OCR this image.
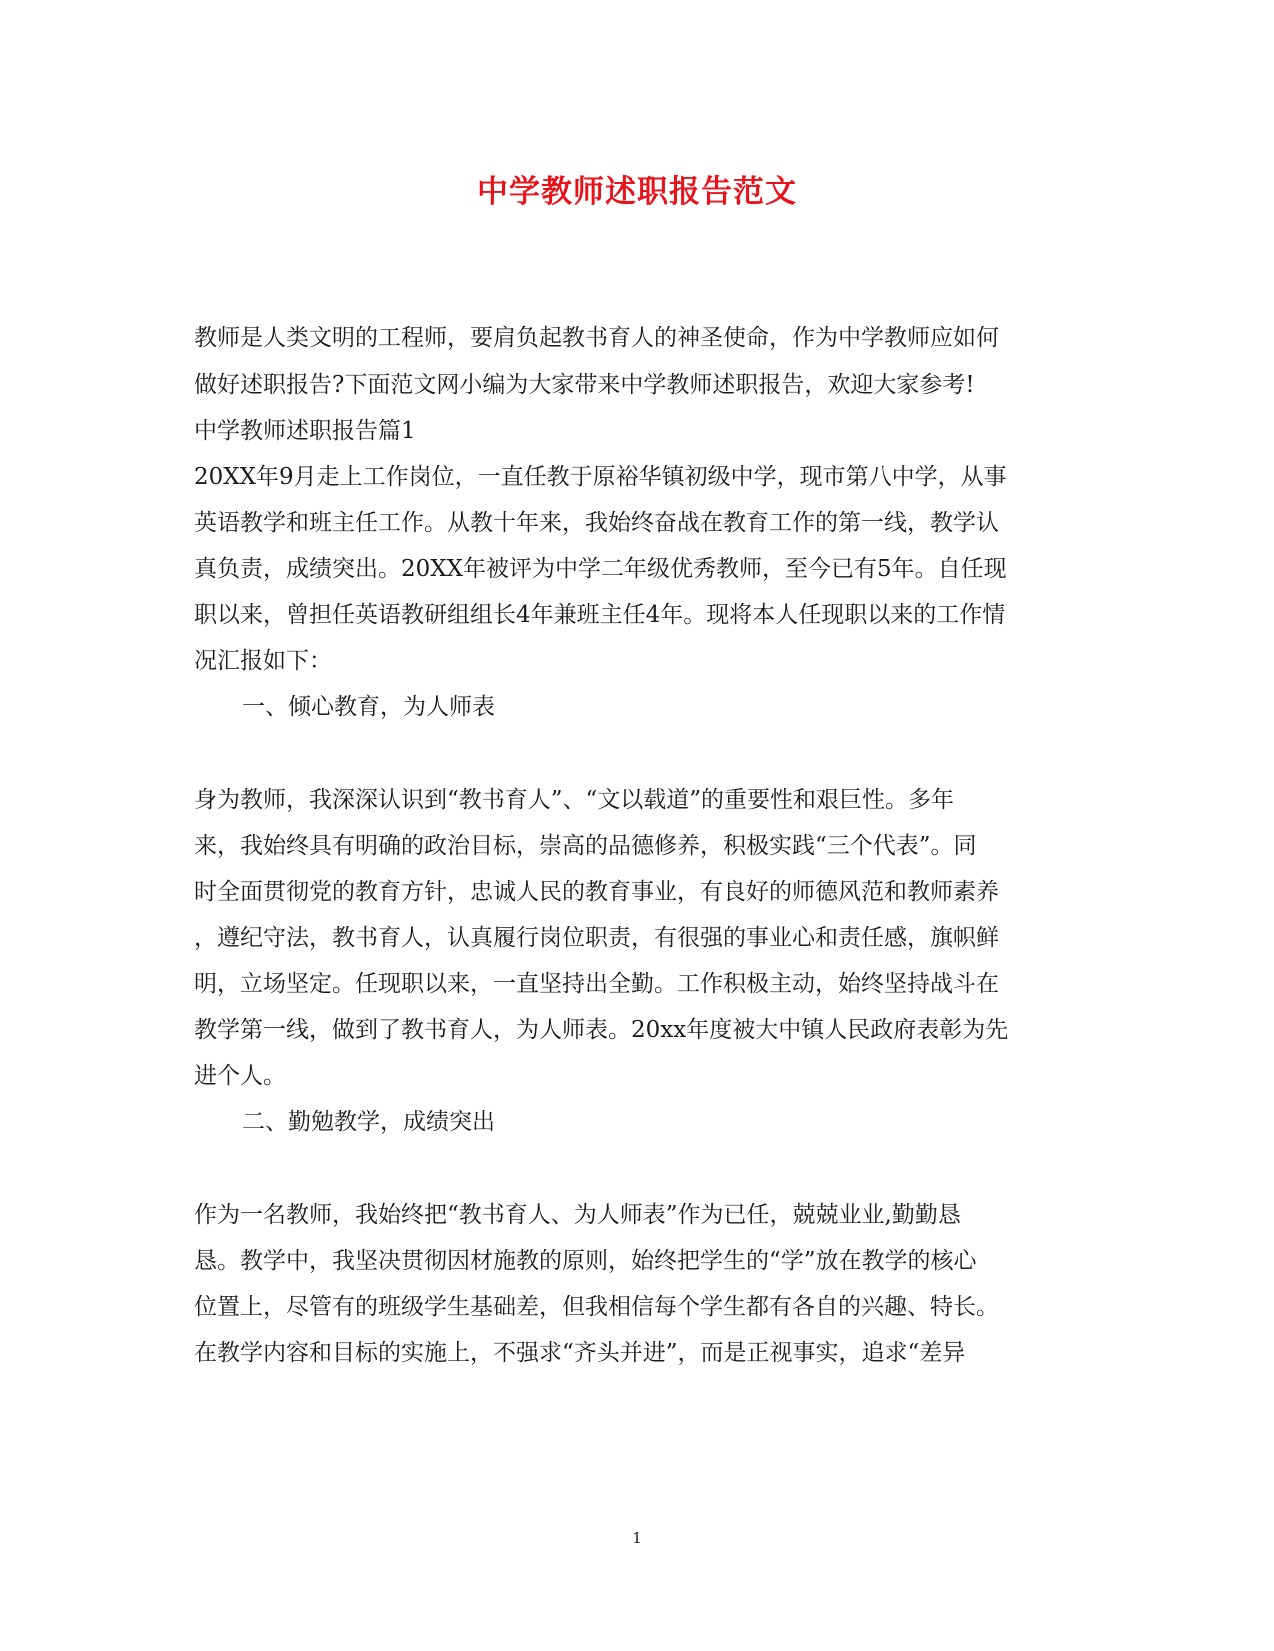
中学教师述职报告范文
教师是人类文明的工程师，要肩负起教书育人的神圣使命，作为中学教师应如何
做好述职报告?下面范文网小编为大家带来中学教师述职报告，欢迎大家参考!
中学教师述职报告篇1
20XX年9月走上工作岗位，一直任教于原裕华镇初级中学，现市第八中学，从事
英语教学和班主任工作。从教十年来，我始终奋战在教育工作的第一线，教学认
真负责，成绩突出。20XX年被评为中学二年级优秀教师，至今已有5年。自任现
职以来，曾担任英语教研组组长4年兼班主任4年。现将本人任现职以来的工作情
况汇报如下：
一、倾心教育，为人师表
身为教师，我深深认识到“教书育人”、“文以载道”的重要性和艰巨性。多年
来，我始终具有明确的政治目标，崇高的品德修养，积极实践“三个代表”。同
时全面贯彻党的教育方针，忠诚人民的教育事业，有良好的师德风范和教师素养
，遵纪守法，教书育人，认真履行岗位职责，有很强的事业心和责任感，旗帜鲜
明，立场坚定。任现职以来，一直坚持出全勤。工作积极主动，始终坚持战斗在
教学第一线，做到了教书育人，为人师表。20xx年度被大中镇人民政府表彰为先
进个人。
二、勤勉教学，成绩突出
作为一名教师，我始终把“教书育人、为人师表”作为已任，兢兢业业,勤勤恳
恳。教学中，我坚决贯彻因材施教的原则，始终把学生的“学”放在教学的核心
位置上，尽管有的班级学生基础差，但我相信每个学生都有各自的兴趣、特长。
在教学内容和目标的实施上，不强求“齐头并进”，而是正视事实，追求“差异
1
